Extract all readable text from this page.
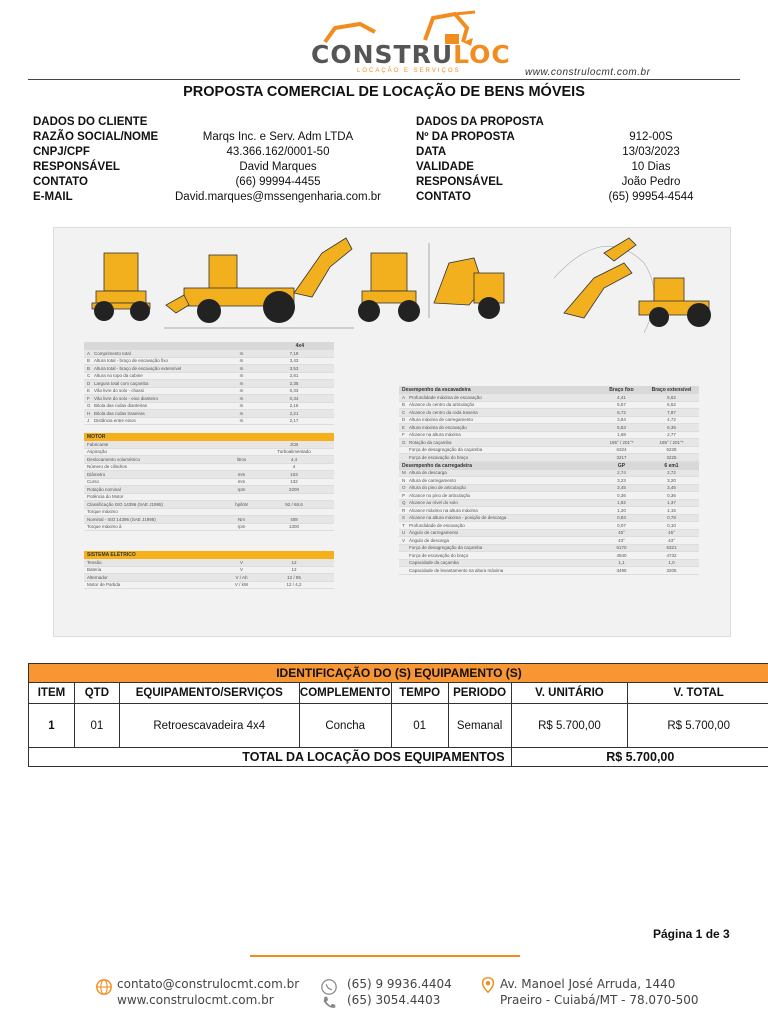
CONSTRULOC
LOCAÇÃO E SERVIÇOS	www.construlocmt.com.br
PROPOSTA COMERCIAL DE LOCAÇÃO DE BENS MÓVEIS
DADOS DO CLIENTE
RAZÃO SOCIAL/NOME	Marqs Inc. e Serv. Adm LTDA
CNPJ/CPF	43.366.162/0001-50
RESPONSÁVEL	David Marques
CONTATO	(66) 99994-4455
E-MAIL	David.marques@mssengenharia.com.br
DADOS DA PROPOSTA
Nº DA PROPOSTA	912-00S
DATA	13/03/2023
VALIDADE	10 Dias
RESPONSÁVEL	João Pedro
CONTATO	(65) 99954-4544
4x4
A Comprimento total	m	7,19
B Altura total - braço de escavação fixo	m	3,43
B Altura total - braço de escavação extensível	m	3,53
C Altura no topo da cabine	m	2,81
D Largura total com caçamba	m	2,35
E Vão livre do solo - chassi	m	0,33
F Vão livre do solo - eixo dianteiro	m	0,34
G Bitola das rodas dianteiras	m	2,16
H Bitola das rodas traseiras	m	2,21
J	Distância entre eixos	m	2,17
MOTOR
Fabricante	JCB
Aspiração	Turboalimentado
Deslocamento volumétrico	litros	4,4
Número de cilindros	4
Diâmetro	mm	103
Curso	mm	132
Rotação nominal	rpm	2200
Potência do Motor
Classificação ISO 14396 (SAE J1995)	hp/kW	92 / 68,6
Torque máximo
Nominal - ISO 14396 (SAE J1995)	Nm	408
Torque máximo à	rpm	1300
SISTEMA ELÉTRICO
Tensão	V	12
Bateria	V	12
Alternador	V / Ah	12 / 95
Motor de Partida	V / kW	12 / 4,2
Desempenho da escavadeira	Braço fixo	Braço extensível
A Profundidade máxima de escavação	4,41	5,62
B Alcance do centro da articulação	5,57	6,52
C Alcance do centro da roda traseira	6,72	7,87
D Altura máxima de carregamento	3,84	4,72
E Altura máxima de escavação	5,53	6,35
F Alcance na altura máxima	1,68	2,77
G Rotação da caçamba	185° / 201°*	185° / 201°*
Força de desagregação da caçamba	6324	6228
Força de escavação do braço	3217	3225
Desempenho da carregadeira	GP	6 em1
M Altura de descarga	2,74	2,72
N Altura de carregamento	3,23	3,20
O Altura do pino de articulação	3,45	3,45
P Alcance no pino de articulação	0,36	0,36
Q Alcance ao nível do solo	1,82	1,37
R Alcance máximo na altura máxima	1,20	1,15
S Alcance na altura máxima - posição de descarga	0,83	0,78
T Profundidade de escavação	0,07	0,10
U Ângulo de carregamento	45°	45°
V Ângulo de descarga	43°	43°
Força de desagregação da caçamba	6170	6321
Força de escavação do braço	4940	4732
Capacidade da caçamba	1,1	1,0
Capacidade de levantamento na altura máxima	3495	3205
IDENTIFICAÇÃO DO (S) EQUIPAMENTO (S)							
ITEM	QTD	EQUIPAMENTO/SERVIÇOS	COMPLEMENTO	TEMPO	PERIODO	V. UNITÁRIO	V. TOTAL
1	01	Retroescavadeira 4x4	Concha	01	Semanal	R$ 5.700,00	R$ 5.700,00
TOTAL DA LOCAÇÃO DOS EQUIPAMENTOS						R$ 5.700,00	
Página 1 de 3
contato@construlocmt.com.br
www.construlocmt.com.br
(65) 9 9936.4404
(65) 3054.4403
Av. Manoel José Arruda, 1440
Praeiro - Cuiabá/MT - 78.070-500
